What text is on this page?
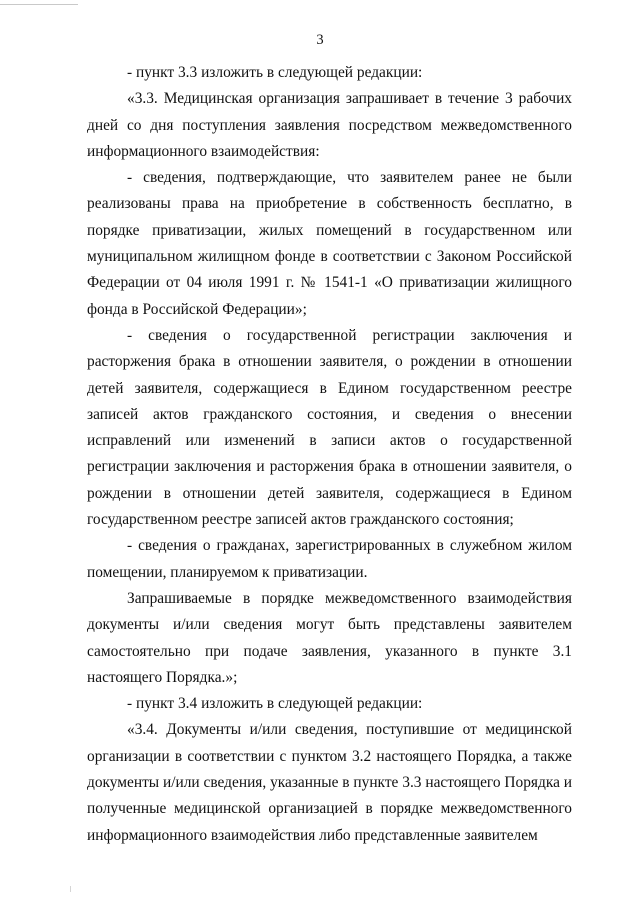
3

- пункт 3.3 изложить в следующей редакции:

«3.3. Медицинская организация запрашивает в течение 3 рабочих дней со дня поступления заявления посредством межведомственного информационного взаимодействия:

- сведения, подтверждающие, что заявителем ранее не были реализованы права на приобретение в собственность бесплатно, в порядке приватизации, жилых помещений в государственном или муниципальном жилищном фонде в соответствии с Законом Российской Федерации от 04 июля 1991 г. № 1541-1 «О приватизации жилищного фонда в Российской Федерации»;

- сведения о государственной регистрации заключения и расторжения брака в отношении заявителя, о рождении в отношении детей заявителя, содержащиеся в Едином государственном реестре записей актов гражданского состояния, и сведения о внесении исправлений или изменений в записи актов о государственной регистрации заключения и расторжения брака в отношении заявителя, о рождении в отношении детей заявителя, содержащиеся в Едином государственном реестре записей актов гражданского состояния;

- сведения о гражданах, зарегистрированных в служебном жилом помещении, планируемом к приватизации.

Запрашиваемые в порядке межведомственного взаимодействия документы и/или сведения могут быть представлены заявителем самостоятельно при подаче заявления, указанного в пункте 3.1 настоящего Порядка.»;

- пункт 3.4 изложить в следующей редакции:

«3.4. Документы и/или сведения, поступившие от медицинской организации в соответствии с пунктом 3.2 настоящего Порядка, а также документы и/или сведения, указанные в пункте 3.3 настоящего Порядка и полученные медицинской организацией в порядке межведомственного информационного взаимодействия либо представленные заявителем
